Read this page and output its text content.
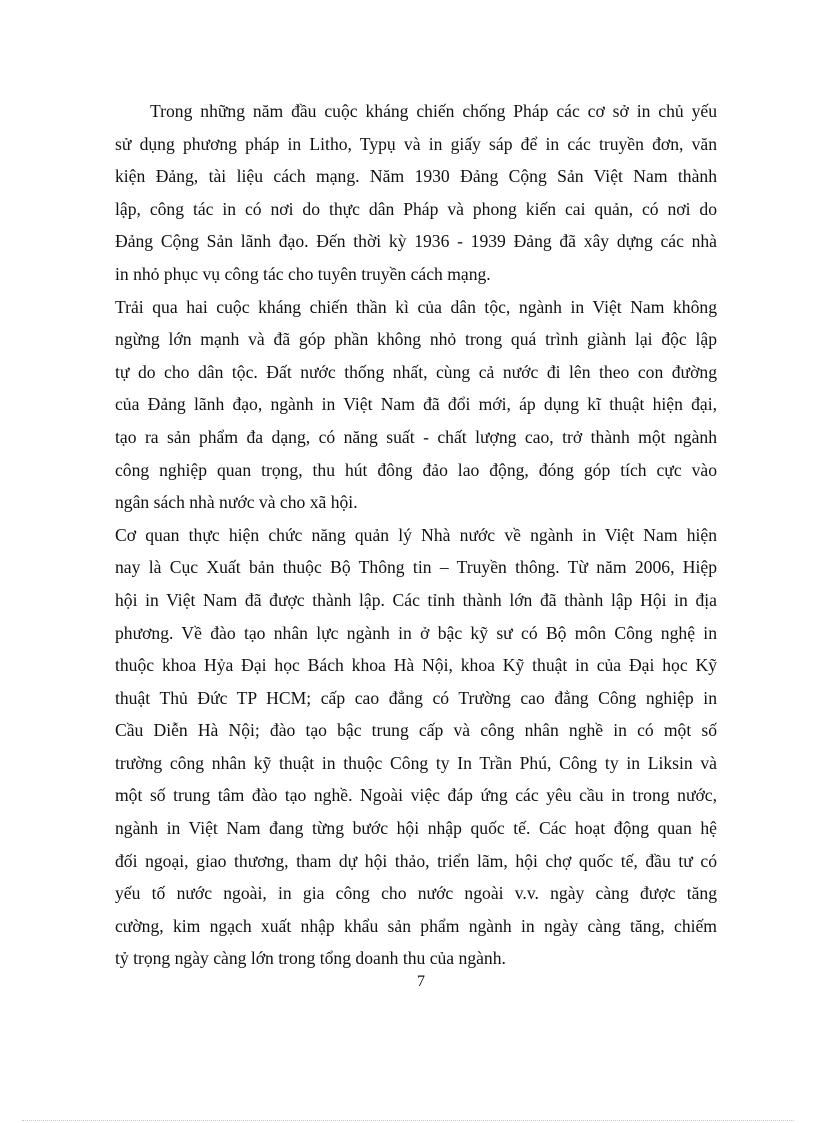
Trong những năm đầu cuộc kháng chiến chống Pháp các cơ sở in chủ yếu
sử dụng phương pháp in Litho, Typụ và in giấy sáp để in các truyền đơn, văn
kiện Đảng, tài liệu cách mạng. Năm 1930 Đảng Cộng Sản Việt Nam thành
lập, công tác in có nơi do thực dân Pháp và phong kiến cai quản, có nơi do
Đảng Cộng Sản lãnh đạo. Đến thời kỳ 1936 - 1939 Đảng đã xây dựng các nhà
in nhỏ phục vụ công tác cho tuyên truyền cách mạng.
Trải qua hai cuộc kháng chiến thần kì của dân tộc, ngành in Việt Nam không
ngừng lớn mạnh và đã góp phần không nhỏ trong quá trình giành lại độc lập
tự do cho dân tộc. Đất nước thống nhất, cùng cả nước đi lên theo con đường
của Đảng lãnh đạo, ngành in Việt Nam đã đổi mới, áp dụng kĩ thuật hiện đại,
tạo ra sản phẩm đa dạng, có năng suất - chất lượng cao, trở thành một ngành
công nghiệp quan trọng, thu hút đông đảo lao động, đóng góp tích cực vào
ngân sách nhà nước và cho xã hội.
Cơ quan thực hiện chức năng quản lý Nhà nước về ngành in Việt Nam hiện
nay là Cục Xuất bản thuộc Bộ Thông tin – Truyền thông. Từ năm 2006, Hiệp
hội in Việt Nam đã được thành lập. Các tỉnh thành lớn đã thành lập Hội in địa
phương. Về đào tạo nhân lực ngành in ở bậc kỹ sư có Bộ môn Công nghệ in
thuộc khoa Hỷa Đại học Bách khoa Hà Nội, khoa Kỹ thuật in của Đại học Kỹ
thuật Thủ Đức TP HCM; cấp cao đẳng có Trường cao đẳng Công nghiệp in
Cầu Diễn Hà Nội; đào tạo bậc trung cấp và công nhân nghề in có một số
trường công nhân kỹ thuật in thuộc Công ty In Trần Phú, Công ty in Liksin và
một số trung tâm đào tạo nghề. Ngoài việc đáp ứng các yêu cầu in trong nước,
ngành in Việt Nam đang từng bước hội nhập quốc tế. Các hoạt động quan hệ
đối ngoại, giao thương, tham dự hội thảo, triển lãm, hội chợ quốc tế, đầu tư có
yếu tố nước ngoài, in gia công cho nước ngoài v.v. ngày càng được tăng
cường, kim ngạch xuất nhập khẩu sản phẩm ngành in ngày càng tăng, chiếm
tỷ trọng ngày càng lớn trong tổng doanh thu của ngành.
7
